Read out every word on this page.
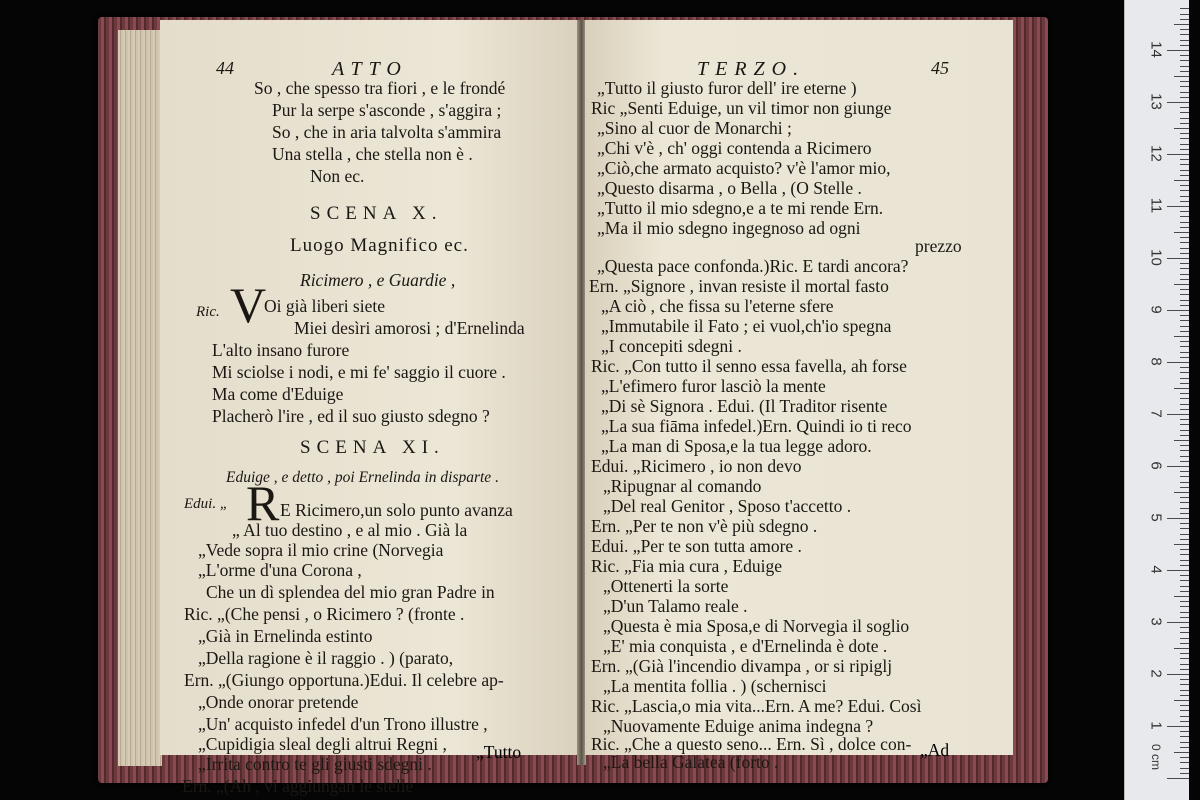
44	ATTO
So , che spesso tra fiori , e le frondé
Pur la serpe s'asconde , s'aggira ;
So , che in aria talvolta s'ammira
Una stella , che stella non è .
Non ec.
SCENA X.
Luogo Magnifico ec.
Ricimero , e Guardie ,
Ric. V
Oi già liberi siete
Miei desìri amorosi ; d'Ernelinda
L'alto insano furore
Mi sciolse i nodi, e mi fe' saggio il cuore .
Ma come d'Eduige
Placherò l'ire , ed il suo giusto sdegno ?
SCENA XI.
Eduige , e detto , poi Ernelinda in disparte .
Edui. „ R E Ricimero,un solo punto avanza
„ Al tuo destino , e al mio . Già la
„Vede sopra il mio crine (Norvegia
„L'orme d'una Corona ,
Che un dì splendea del mio gran Padre in
Ric. „(Che pensi , o Ricimero ? (fronte .
„Già in Ernelinda estinto
„Della ragione è il raggio . ) (parato,
Ern. „(Giungo opportuna.)Edui. Il celebre ap-
„Onde onorar pretende
„Un' acquisto infedel d'un Trono illustre ,
„Cupidigia sleal degli altrui Regni ,
„Irrita contro te gli giusti sdegni .
Ern. „(Ah , vi aggiungan le stelle
„Tutto
TERZO.	45
„Tutto il giusto furor dell' ire eterne )
Ric „Senti Eduige, un vil timor non giunge
„Sino al cuor de Monarchi ;
„Chi v'è , ch' oggi contenda a Ricimero
„Ciò,che armato acquisto? v'è l'amor mio,
„Questo disarma , o Bella , (O Stelle .
„Tutto il mio sdegno,e a te mi rende Ern.
„Ma il mio sdegno ingegnoso ad ogni
prezzo
„Questa pace confonda.)Ric. E tardi ancora?
Ern. „Signore , invan resiste il mortal fasto
„A ciò , che fissa su l'eterne sfere
„Immutabile il Fato ; ei vuol,ch'io spegna
„I concepiti sdegni .
Ric. „Con tutto il senno essa favella, ah forse
„L'efimero furor lasciò la mente
„Di sè Signora . Edui. (Il Traditor risente
„La sua fiāma infedel.)Ern. Quindi io ti reco
„La man di Sposa,e la tua legge adoro.
Edui. „Ricimero , io non devo
„Ripugnar al comando
„Del real Genitor , Sposo t'accetto .
Ern. „Per te non v'è più sdegno .
Edui. „Per te son tutta amore .
Ric. „Fia mia cura , Eduige
„Ottenerti la sorte
„D'un Talamo reale .
„Questa è mia Sposa,e di Norvegia il soglio
„E' mia conquista , e d'Ernelinda è dote .
Ern. „(Già l'incendio divampa , or si ripiglj
„La mentita follia . ) (schernisci
Ric. „Lascia,o mia vita...Ern. A me? Edui. Così
„Nuovamente Eduige anima indegna ?
Ric. „Che a questo seno... Ern. Sì , dolce con-
„La bella Galatea (forto .
„Ad	0 cm
14
13
12
11
10
9
8
7
6
5
4
3
2
1
